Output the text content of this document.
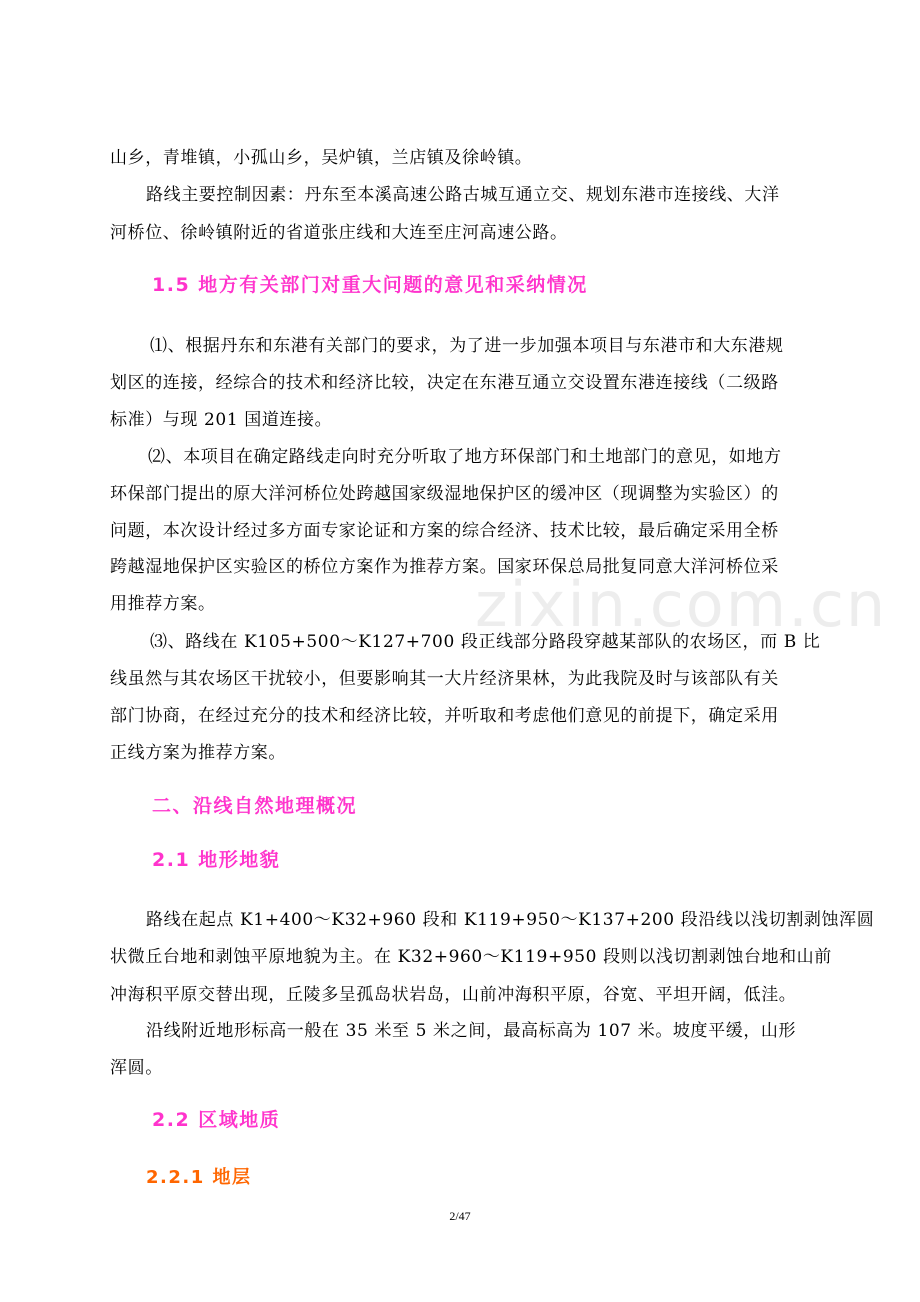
山乡，青堆镇，小孤山乡，吴炉镇，兰店镇及徐岭镇。
路线主要控制因素：丹东至本溪高速公路古城互通立交、规划东港市连接线、大洋
河桥位、徐岭镇附近的省道张庄线和大连至庄河高速公路。
1.5 地方有关部门对重大问题的意见和采纳情况
⑴、根据丹东和东港有关部门的要求，为了进一步加强本项目与东港市和大东港规
划区的连接，经综合的技术和经济比较，决定在东港互通立交设置东港连接线（二级路
标准）与现 201 国道连接。
⑵、本项目在确定路线走向时充分听取了地方环保部门和土地部门的意见，如地方
环保部门提出的原大洋河桥位处跨越国家级湿地保护区的缓冲区（现调整为实验区）的
问题，本次设计经过多方面专家论证和方案的综合经济、技术比较，最后确定采用全桥
跨越湿地保护区实验区的桥位方案作为推荐方案。国家环保总局批复同意大洋河桥位采
用推荐方案。
⑶、路线在 K105+500～K127+700 段正线部分路段穿越某部队的农场区，而 B 比
线虽然与其农场区干扰较小，但要影响其一大片经济果林，为此我院及时与该部队有关
部门协商，在经过充分的技术和经济比较，并听取和考虑他们意见的前提下，确定采用
正线方案为推荐方案。
二、沿线自然地理概况
2.1 地形地貌
路线在起点 K1+400～K32+960 段和 K119+950～K137+200 段沿线以浅切割剥蚀浑圆
状微丘台地和剥蚀平原地貌为主。在 K32+960～K119+950 段则以浅切割剥蚀台地和山前
冲海积平原交替出现，丘陵多呈孤岛状岩岛，山前冲海积平原，谷宽、平坦开阔，低洼。
沿线附近地形标高一般在 35 米至 5 米之间，最高标高为 107 米。坡度平缓，山形
浑圆。
2.2 区域地质
2.2.1 地层
zixin.com.cn
2/47
